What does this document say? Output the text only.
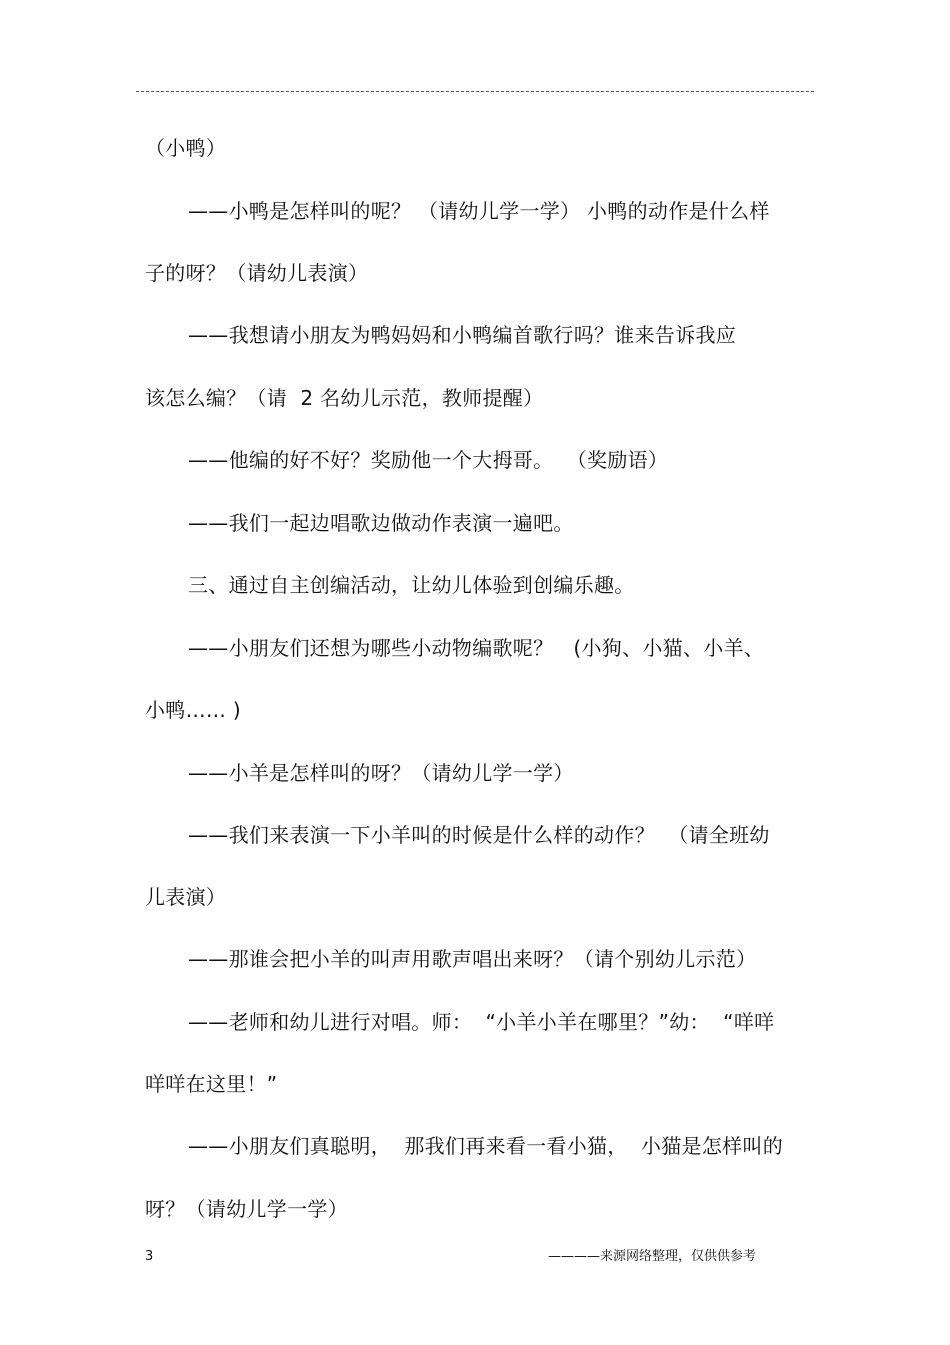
（小鸭）
——小鸭是怎样叫的呢？ （请幼儿学一学） 小鸭的动作是什么样
子的呀？（请幼儿表演）
——我想请小朋友为鸭妈妈和小鸭编首歌行吗？谁来告诉我应
该怎么编？（请  2 名幼儿示范，教师提醒）
——他编的好不好？奖励他一个大拇哥。  （奖励语）
——我们一起边唱歌边做动作表演一遍吧。
三、通过自主创编活动，让幼儿体验到创编乐趣。
——小朋友们还想为哪些小动物编歌呢？   (小狗、小猫、小羊、
小鸭…… )
——小羊是怎样叫的呀？（请幼儿学一学）
——我们来表演一下小羊叫的时候是什么样的动作？  （请全班幼
儿表演）
——那谁会把小羊的叫声用歌声唱出来呀？（请个别幼儿示范）
——老师和幼儿进行对唱。师：  “小羊小羊在哪里？”幼：  “咩咩
咩咩在这里！”
——小朋友们真聪明，  那我们再来看一看小猫，  小猫是怎样叫的
呀？（请幼儿学一学）
3	————来源网络整理，仅供供参考
